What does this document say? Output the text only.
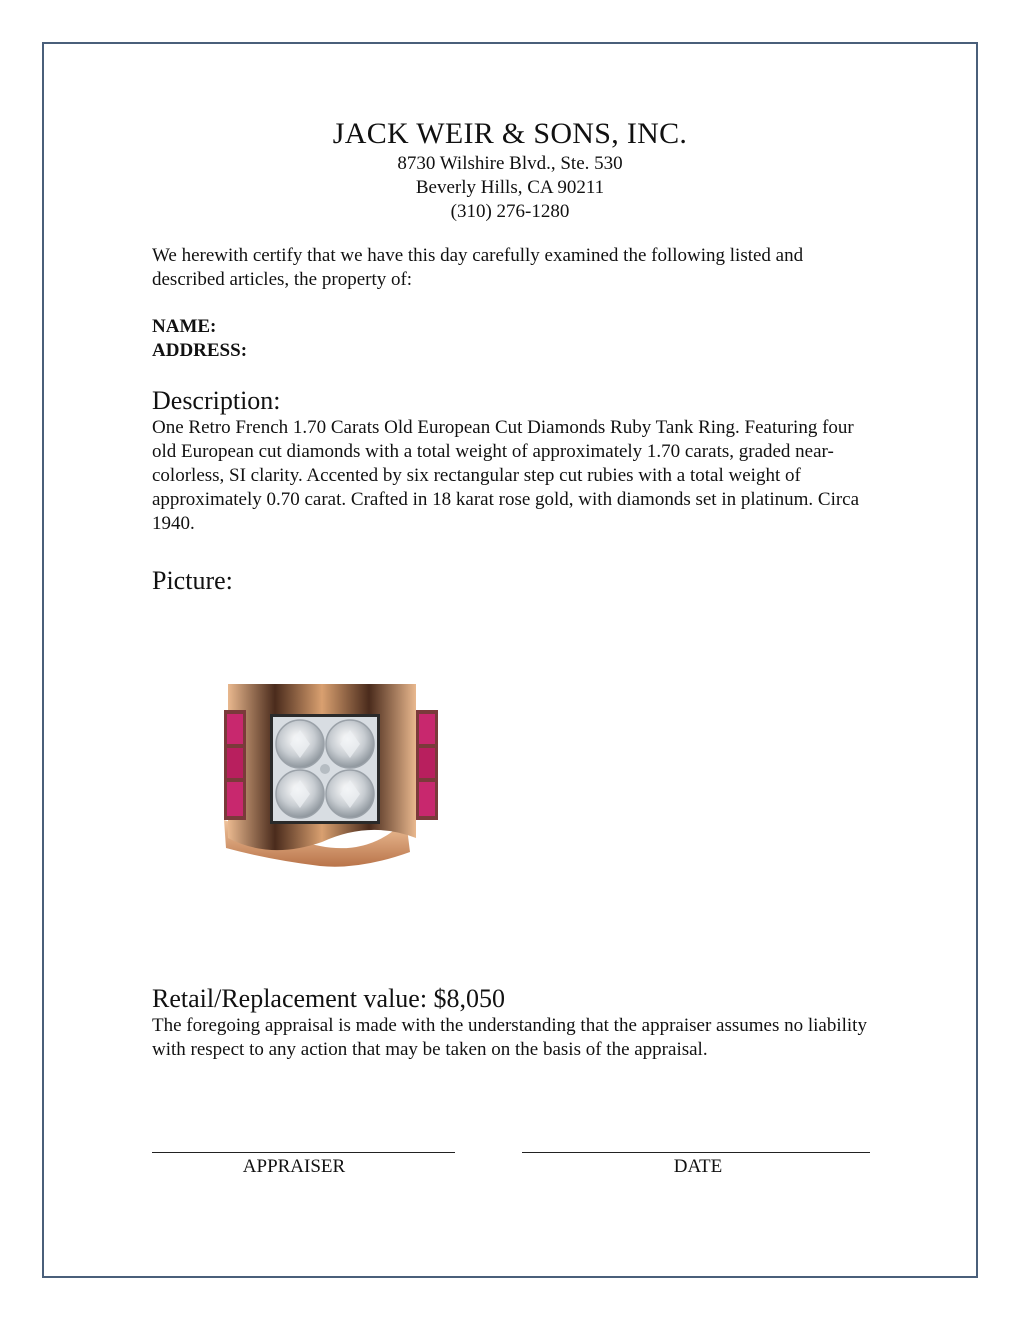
JACK WEIR & SONS, INC.
8730 Wilshire Blvd., Ste. 530
Beverly Hills, CA 90211
(310) 276-1280
We herewith certify that we have this day carefully examined the following listed and described articles, the property of:
NAME:
ADDRESS:
Description:
One Retro French 1.70 Carats Old European Cut Diamonds Ruby Tank Ring. Featuring four old European cut diamonds with a total weight of approximately 1.70 carats, graded near-colorless, SI clarity. Accented by six rectangular step cut rubies with a total weight of approximately 0.70 carat. Crafted in 18 karat rose gold, with diamonds set in platinum. Circa 1940.
Picture:
Retail/Replacement value: $8,050
The foregoing appraisal is made with the understanding that the appraiser assumes no liability with respect to any action that may be taken on the basis of the appraisal.
APPRAISER	DATE
